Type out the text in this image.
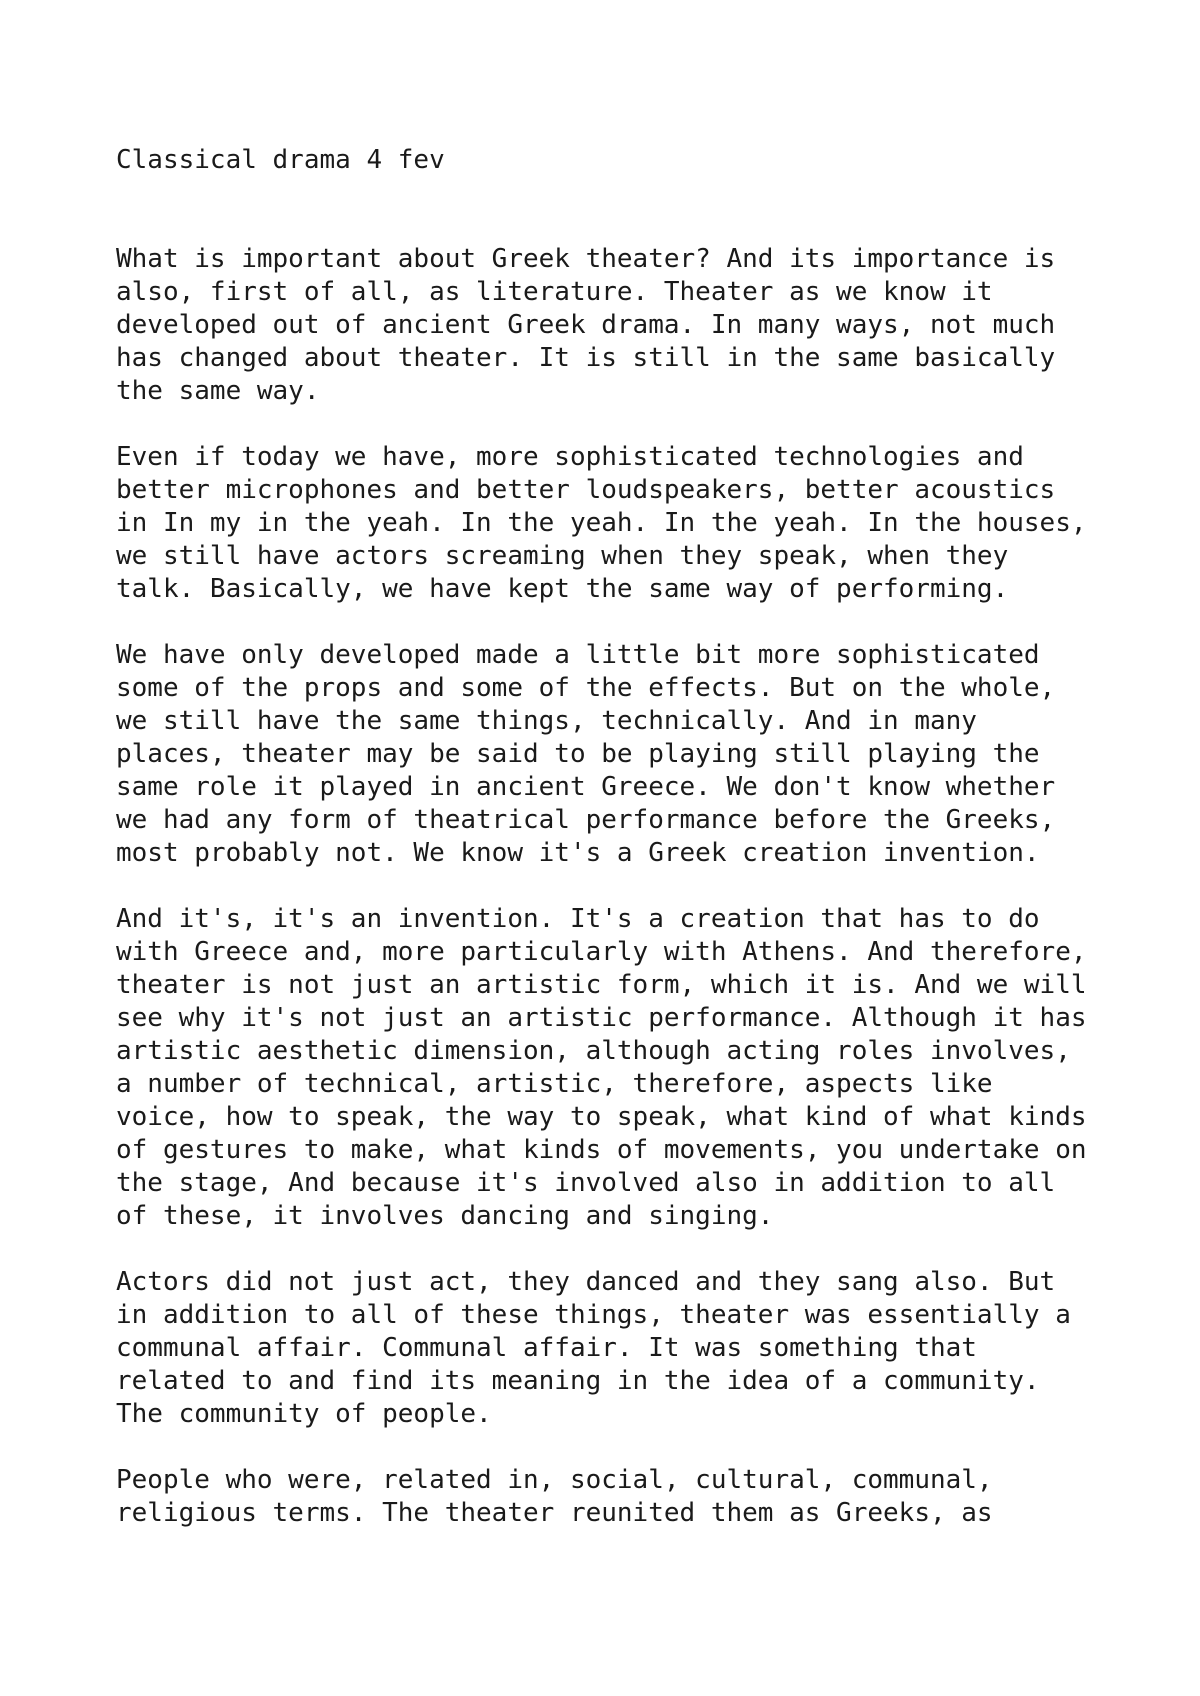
Classical drama 4 fev
What is important about Greek theater? And its importance is
also, first of all, as literature. Theater as we know it
developed out of ancient Greek drama. In many ways, not much
has changed about theater. It is still in the same basically
the same way.
Even if today we have, more sophisticated technologies and
better microphones and better loudspeakers, better acoustics
in In my in the yeah. In the yeah. In the yeah. In the houses,
we still have actors screaming when they speak, when they
talk. Basically, we have kept the same way of performing.
We have only developed made a little bit more sophisticated
some of the props and some of the effects. But on the whole,
we still have the same things, technically. And in many
places, theater may be said to be playing still playing the
same role it played in ancient Greece. We don't know whether
we had any form of theatrical performance before the Greeks,
most probably not. We know it's a Greek creation invention.
And it's, it's an invention. It's a creation that has to do
with Greece and, more particularly with Athens. And therefore,
theater is not just an artistic form, which it is. And we will
see why it's not just an artistic performance. Although it has
artistic aesthetic dimension, although acting roles involves,
a number of technical, artistic, therefore, aspects like
voice, how to speak, the way to speak, what kind of what kinds
of gestures to make, what kinds of movements, you undertake on
the stage, And because it's involved also in addition to all
of these, it involves dancing and singing.
Actors did not just act, they danced and they sang also. But
in addition to all of these things, theater was essentially a
communal affair. Communal affair. It was something that
related to and find its meaning in the idea of a community.
The community of people.
People who were, related in, social, cultural, communal,
religious terms. The theater reunited them as Greeks, as
